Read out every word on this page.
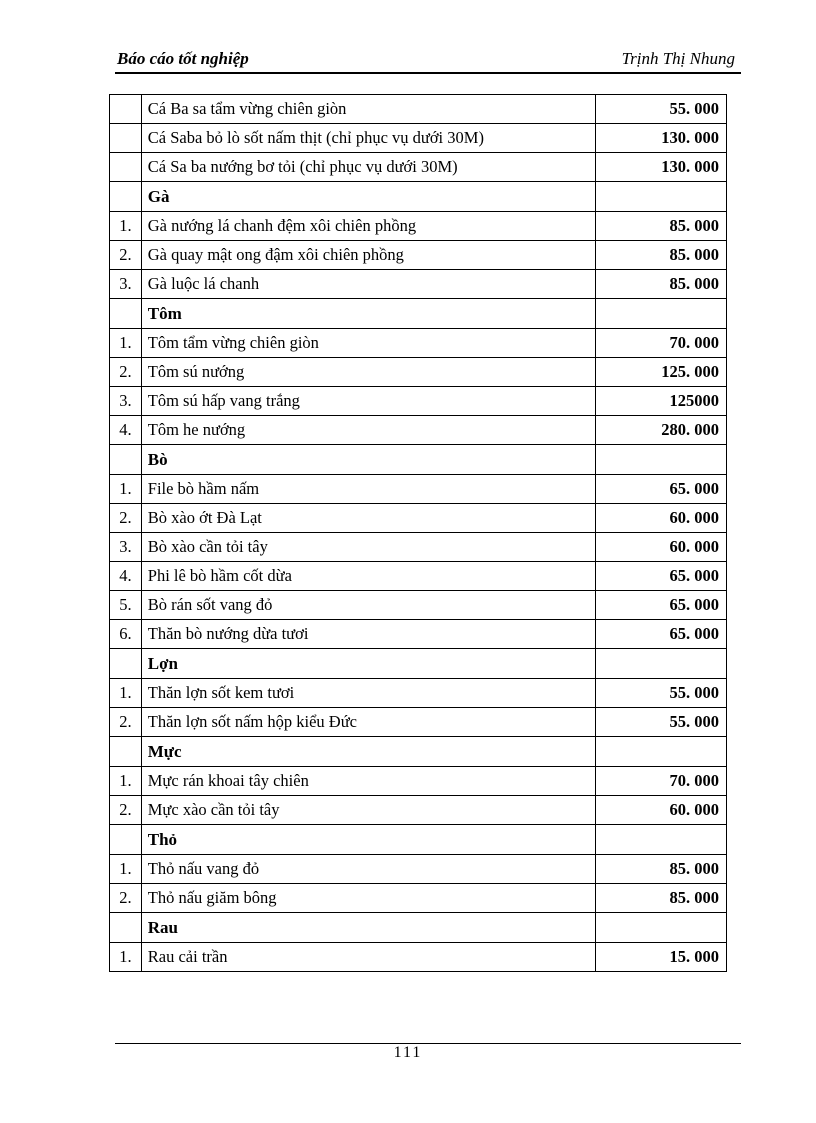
Báo cáo tốt nghiệp	Trịnh Thị Nhung
	Cá Ba sa tẩm vừng chiên giòn	55. 000
	Cá Saba bỏ lò sốt nấm thịt (chỉ phục vụ dưới 30M)	130. 000
	Cá Sa ba nướng bơ tỏi (chỉ phục vụ dưới 30M)	130. 000
	Gà	
1.	Gà nướng lá chanh đệm xôi chiên phồng	85. 000
2.	Gà quay mật ong đậm xôi chiên phồng	85. 000
3.	Gà luộc lá chanh	85. 000
	Tôm	
1.	Tôm tẩm vừng chiên giòn	70. 000
2.	Tôm sú nướng	125. 000
3.	Tôm sú hấp vang trắng	125000
4.	Tôm he nướng	280. 000
	Bò	
1.	File bò hầm nấm	65. 000
2.	Bò xào ớt Đà Lạt	60. 000
3.	Bò xào cần tỏi tây	60. 000
4.	Phi lê bò hầm cốt dừa	65. 000
5.	Bò rán sốt vang đỏ	65. 000
6.	Thăn bò nướng dừa tươi	65. 000
	Lợn	
1.	Thăn lợn sốt kem tươi	55. 000
2.	Thăn lợn sốt nấm hộp kiểu Đức	55. 000
	Mực	
1.	Mực rán khoai tây chiên	70. 000
2.	Mực xào cần tỏi tây	60. 000
	Thỏ	
1.	Thỏ nấu vang đỏ	85. 000
2.	Thỏ nấu giăm bông	85. 000
	Rau	
1.	Rau cải trần	15. 000
111
